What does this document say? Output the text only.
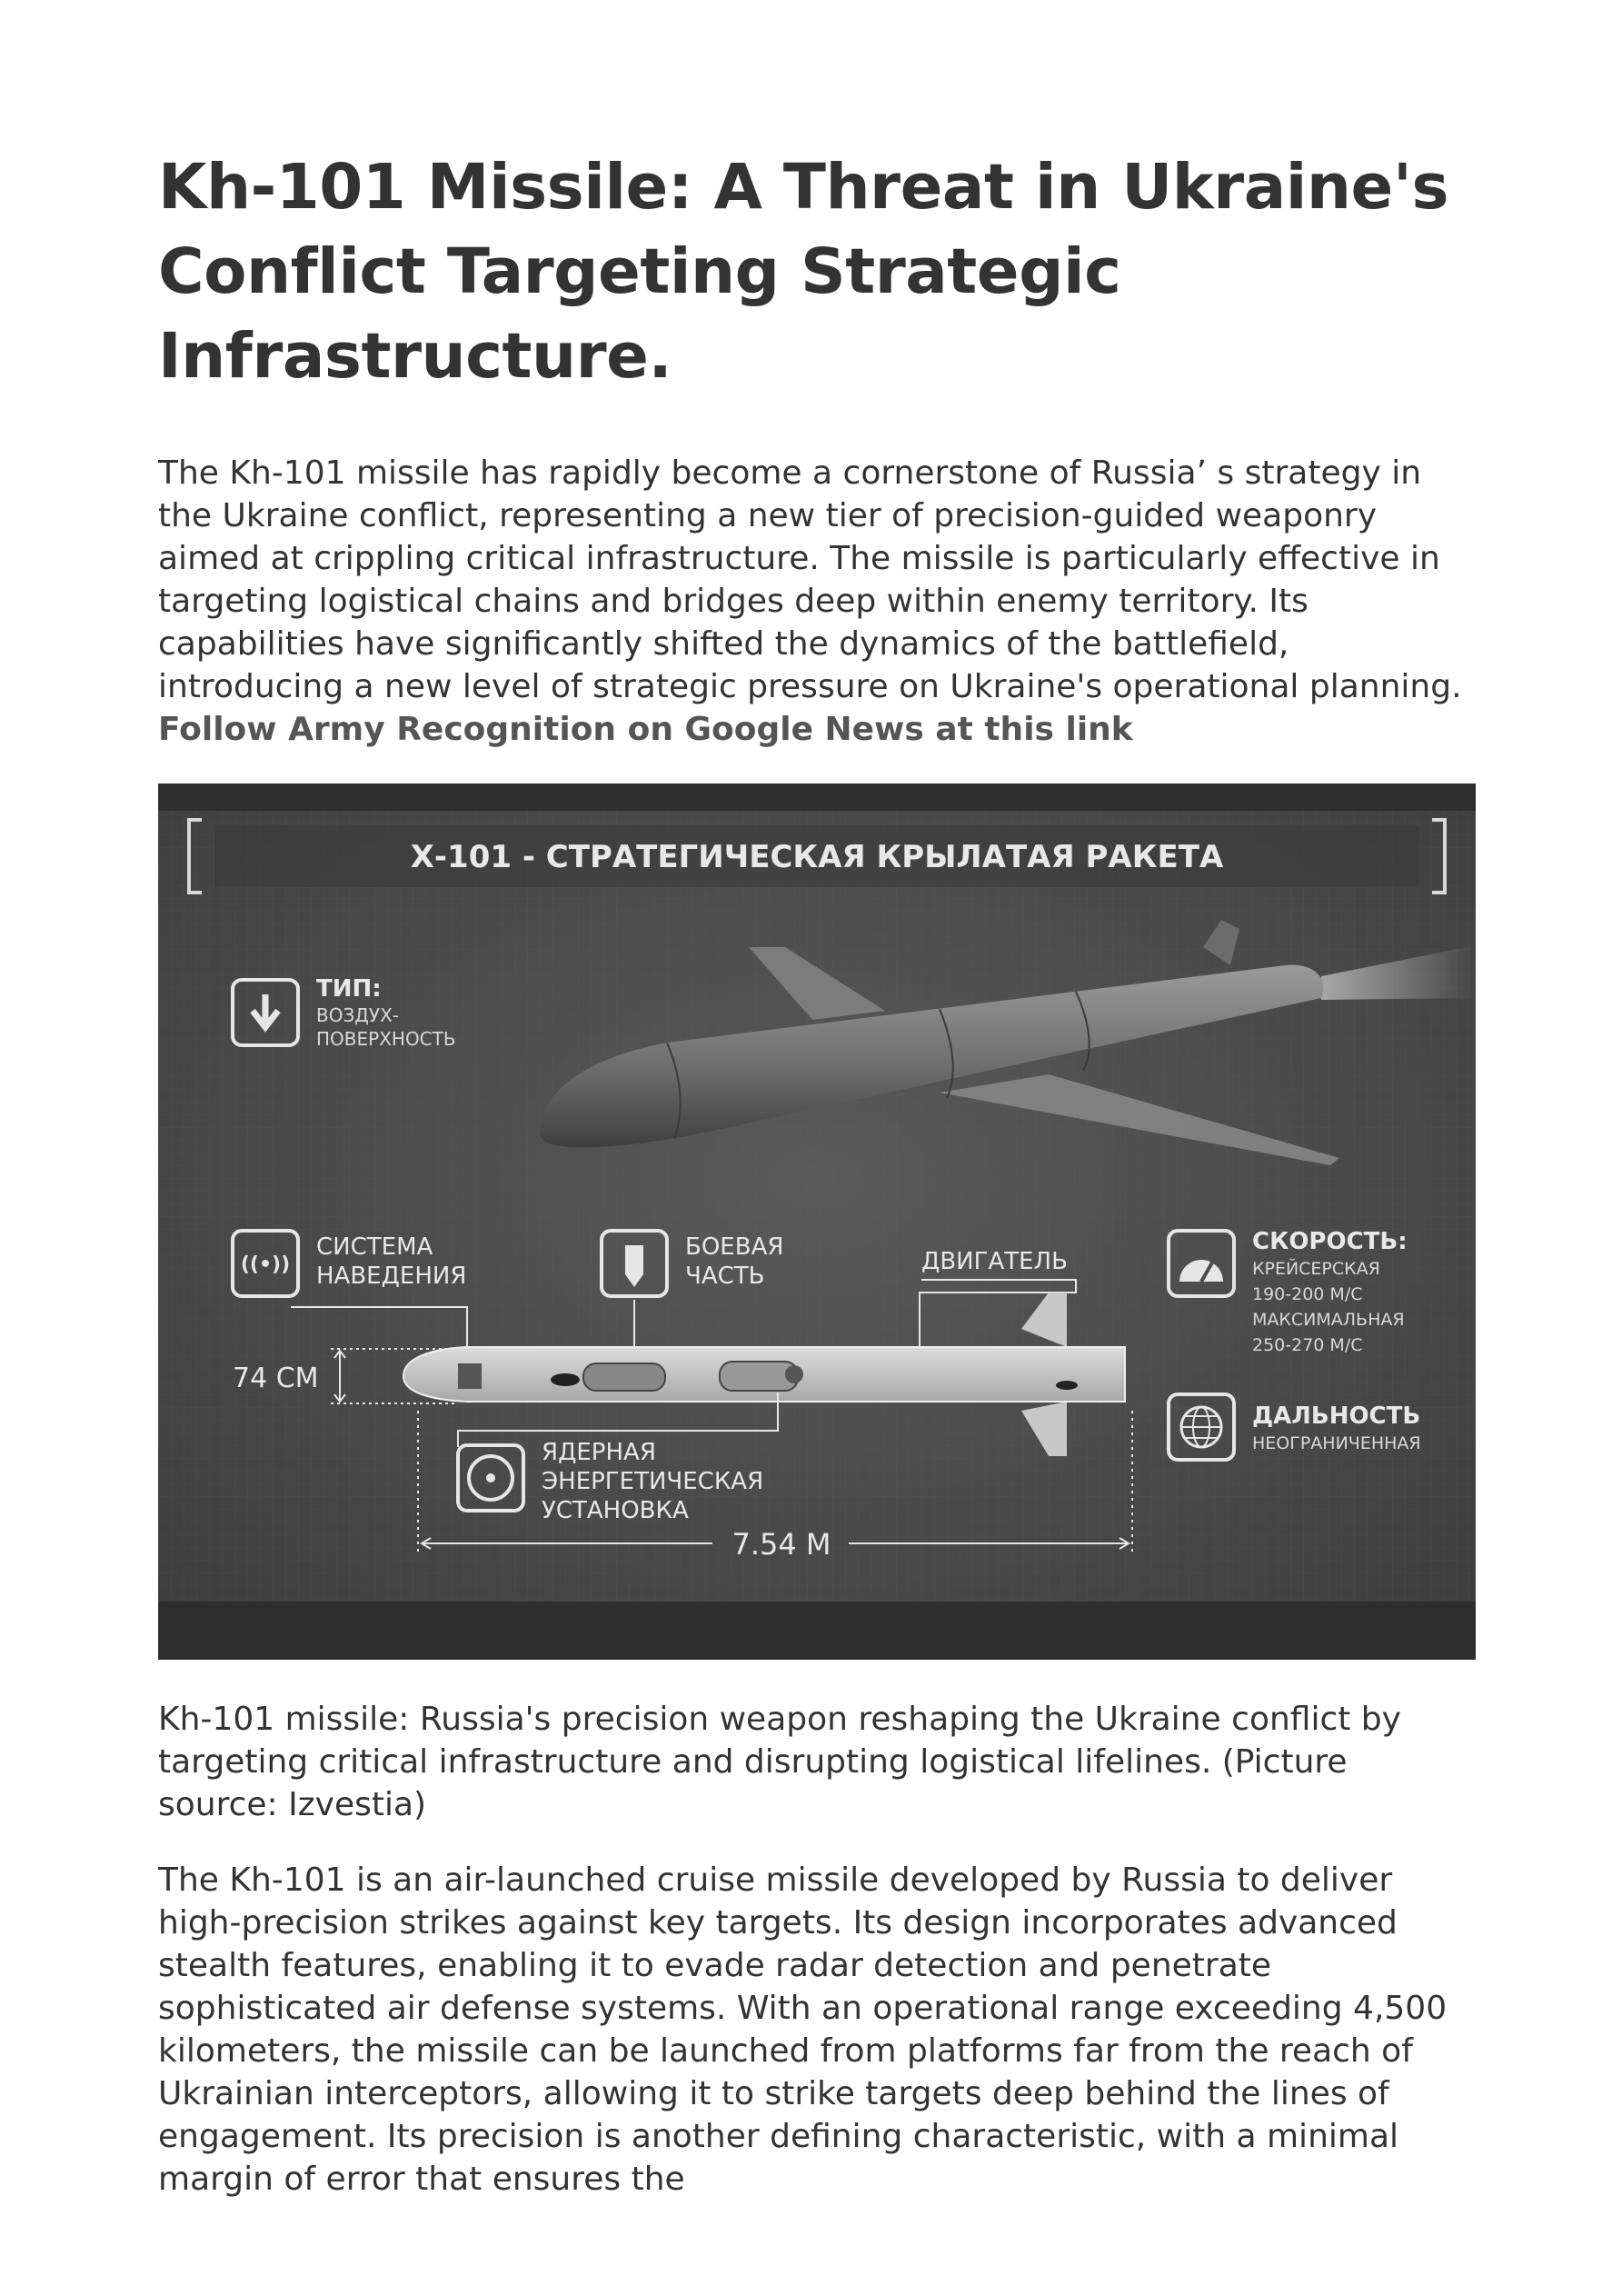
Kh-101 Missile: A Threat in Ukraine's Conflict Targeting Strategic Infrastructure.

The Kh-101 missile has rapidly become a cornerstone of Russia’ s strategy in the Ukraine conflict, representing a new tier of precision-guided weaponry aimed at crippling critical infrastructure. The missile is particularly effective in targeting logistical chains and bridges deep within enemy territory. Its capabilities have significantly shifted the dynamics of the battlefield, introducing a new level of strategic pressure on Ukraine's operational planning.

Follow Army Recognition on Google News at this link
Х-101 - СТРАТЕГИЧЕСКАЯ КРЫЛАТАЯ РАКЕТА
ТИП:
ВОЗДУХ-
ПОВЕРХНОСТЬ
((•))
СИСТЕМА
НАВЕДЕНИЯ
БОЕВАЯ
ЧАСТЬ
ДВИГАТЕЛЬ
74 СМ
ЯДЕРНАЯ
ЭНЕРГЕТИЧЕСКАЯ
УСТАНОВКА
7.54 М
СКОРОСТЬ:
КРЕЙСЕРСКАЯ
190-200 М/С
МАКСИМАЛЬНАЯ
250-270 М/С
ДАЛЬНОСТЬ
НЕОГРАНИЧЕННАЯ

Kh-101 missile: Russia's precision weapon reshaping the Ukraine conflict by targeting critical infrastructure and disrupting logistical lifelines. (Picture source: Izvestia)

The Kh-101 is an air-launched cruise missile developed by Russia to deliver high-precision strikes against key targets. Its design incorporates advanced stealth features, enabling it to evade radar detection and penetrate sophisticated air defense systems. With an operational range exceeding 4,500 kilometers, the missile can be launched from platforms far from the reach of Ukrainian interceptors, allowing it to strike targets deep behind the lines of engagement. Its precision is another defining characteristic, with a minimal margin of error that ensures the
